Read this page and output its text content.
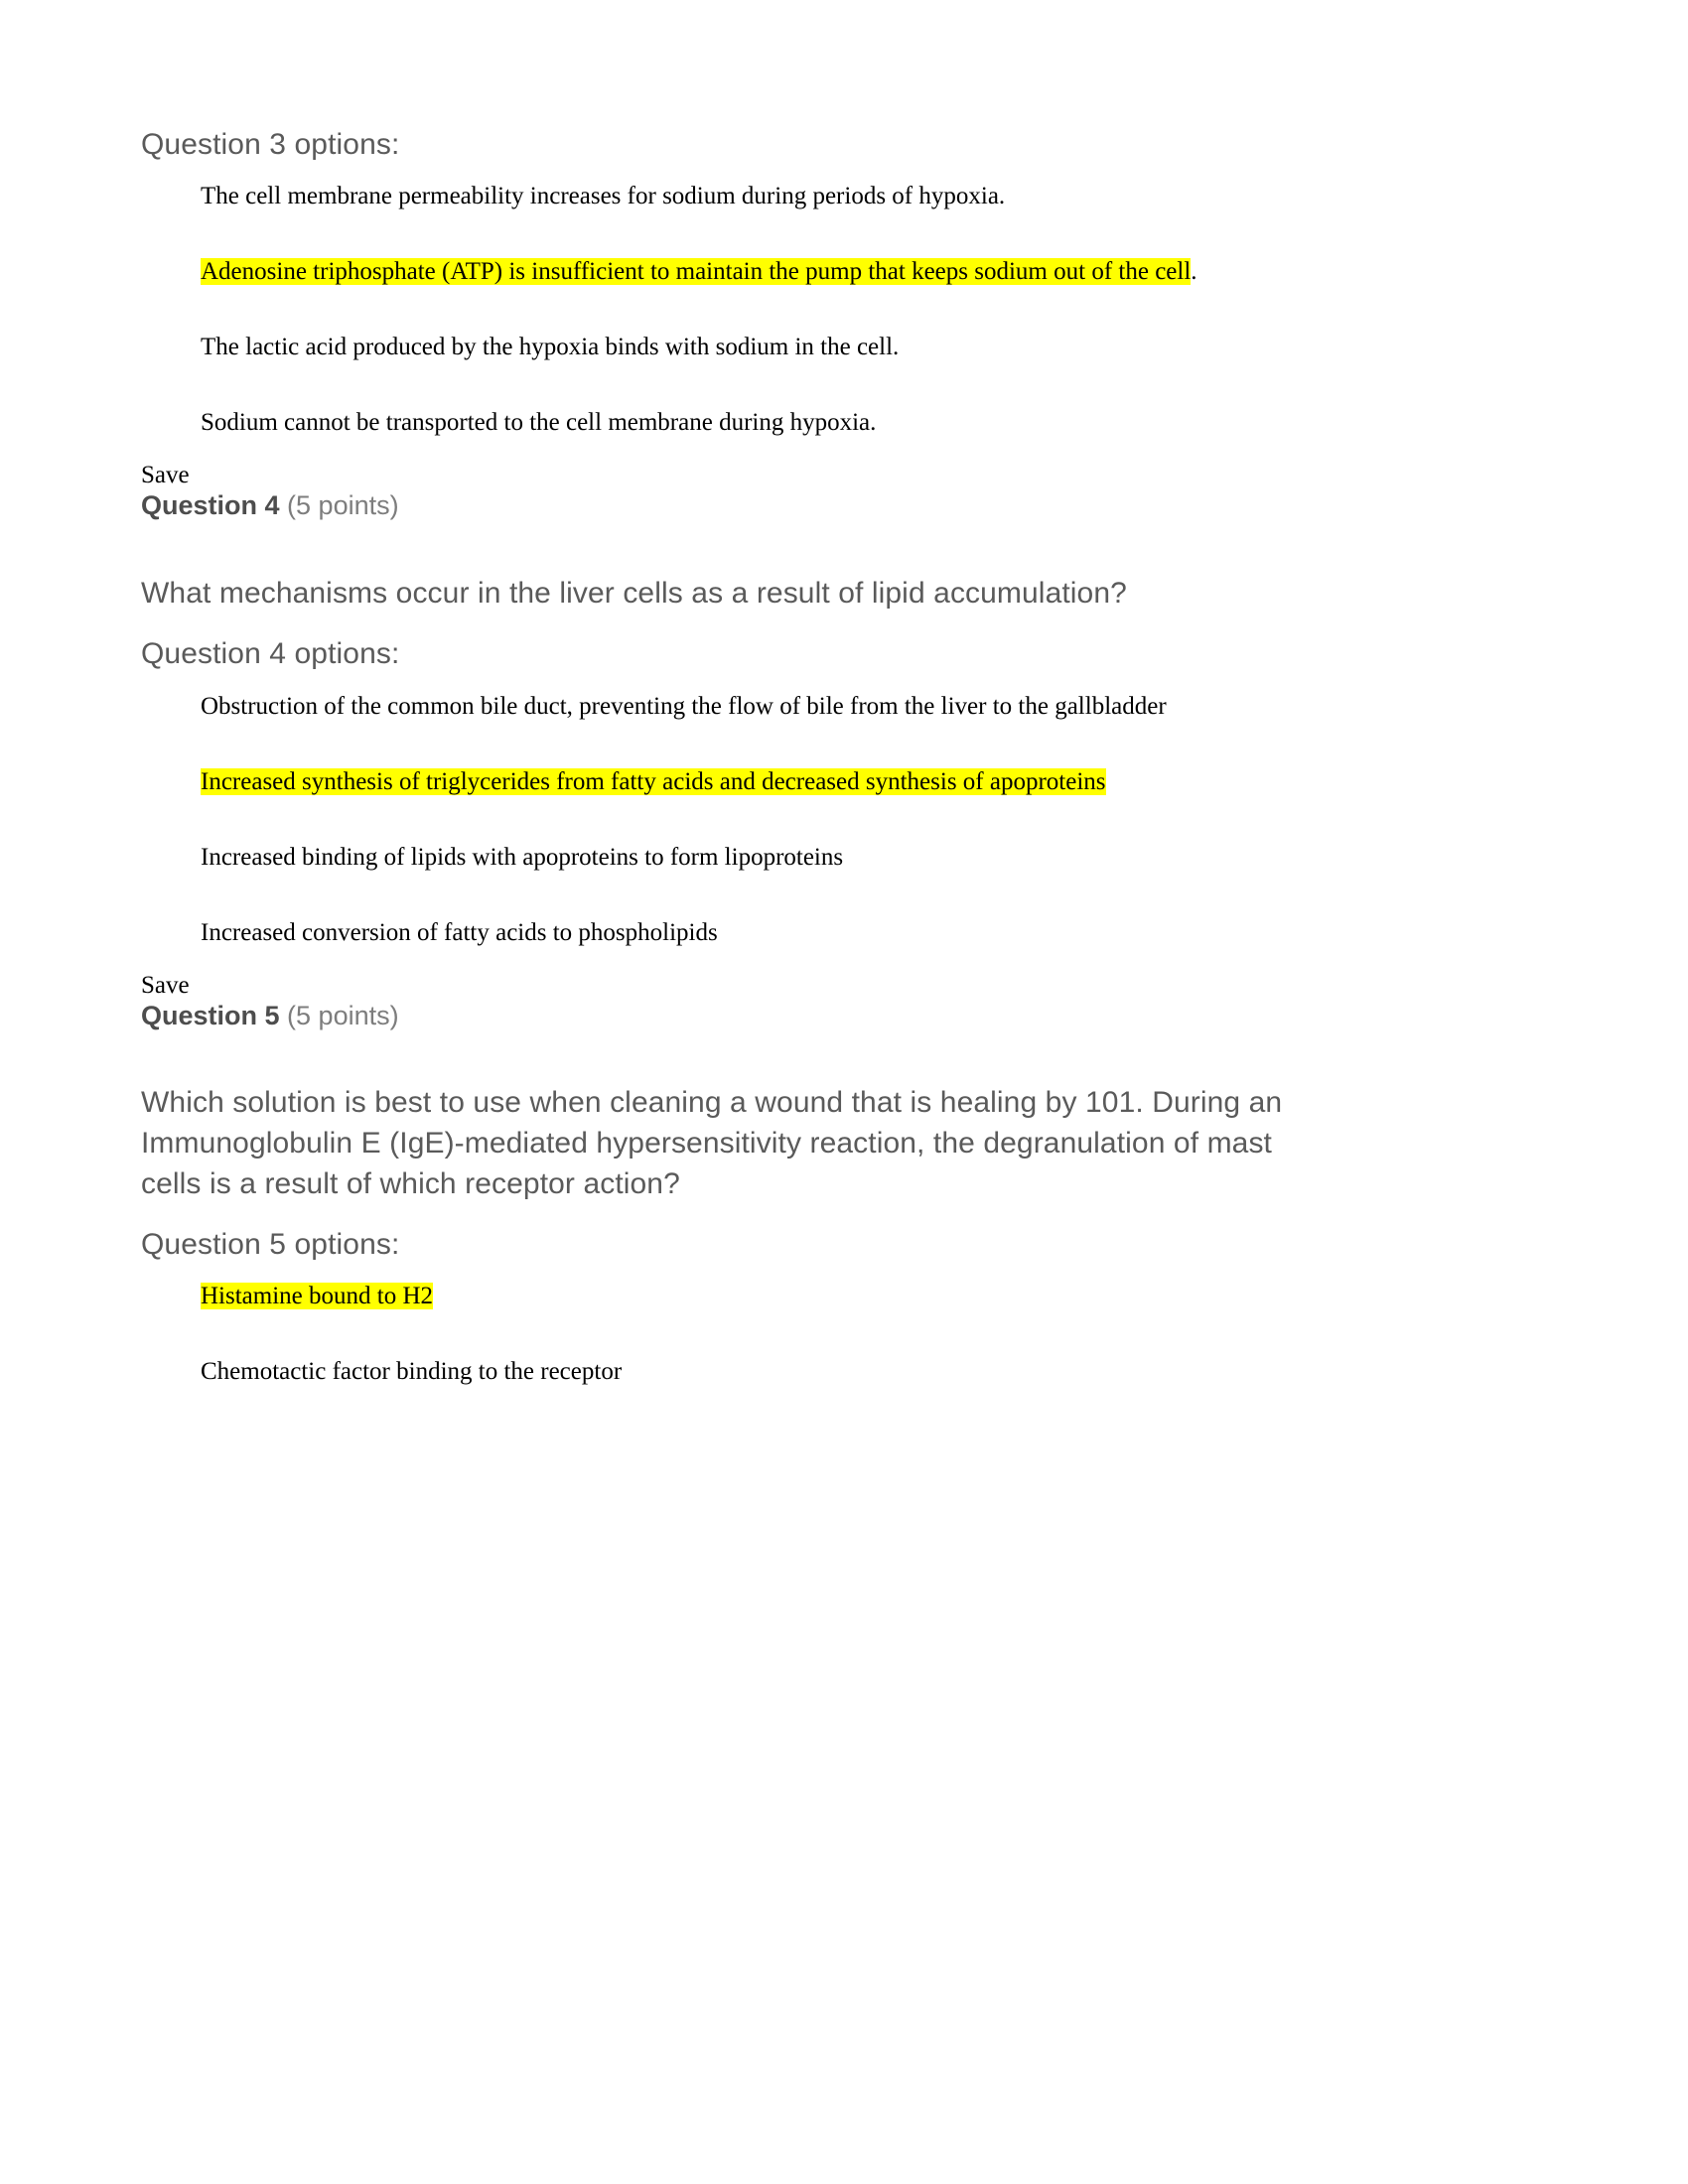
Question 3 options:
The cell membrane permeability increases for sodium during periods of hypoxia.
Adenosine triphosphate (ATP) is insufficient to maintain the pump that keeps sodium out of the cell.
The lactic acid produced by the hypoxia binds with sodium in the cell.
Sodium cannot be transported to the cell membrane during hypoxia.
Save
Question 4 (5 points)
What mechanisms occur in the liver cells as a result of lipid accumulation?
Question 4 options:
Obstruction of the common bile duct, preventing the flow of bile from the liver to the gallbladder
Increased synthesis of triglycerides from fatty acids and decreased synthesis of apoproteins
Increased binding of lipids with apoproteins to form lipoproteins
Increased conversion of fatty acids to phospholipids
Save
Question 5 (5 points)
Which solution is best to use when cleaning a wound that is healing by 101. During an Immunoglobulin E (IgE)-mediated hypersensitivity reaction, the degranulation of mast cells is a result of which receptor action?
Question 5 options:
Histamine bound to H2
Chemotactic factor binding to the receptor
